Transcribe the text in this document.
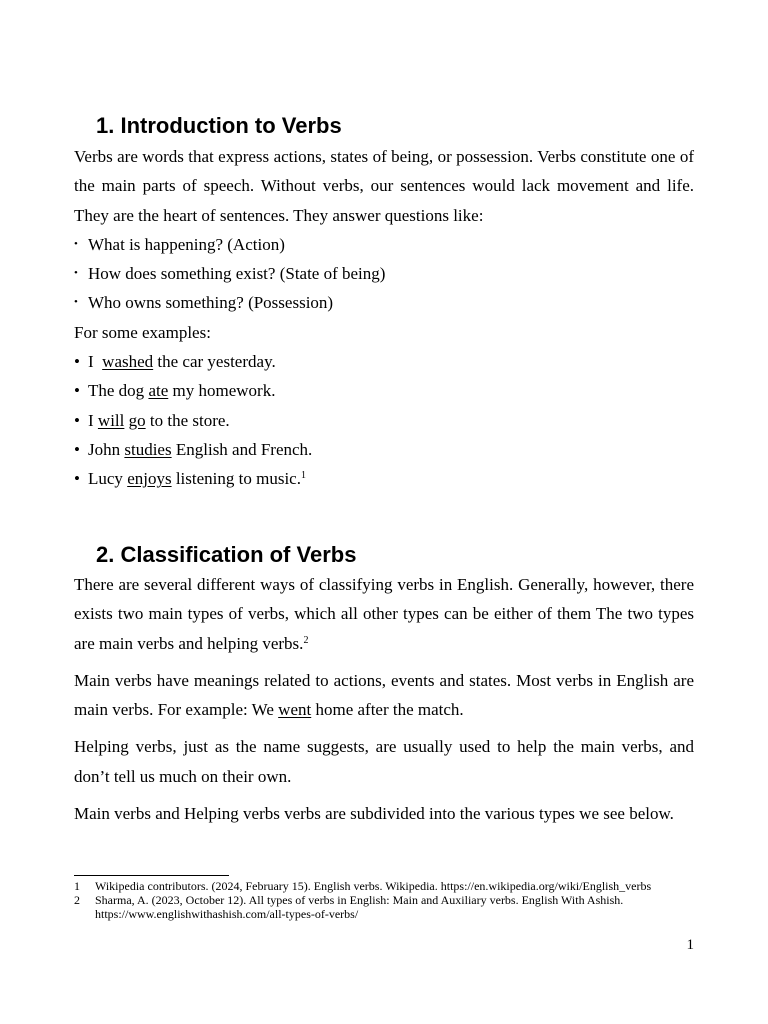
1. Introduction to Verbs

Verbs are words that express actions, states of being, or possession. Verbs constitute one of the main parts of speech. Without verbs, our sentences would lack movement and life. They are the heart of sentences. They answer questions like:

• What is happening? (Action)
• How does something exist? (State of being)
• Who owns something? (Possession)

For some examples:

• I  washed the car yesterday.
• The dog ate my homework.
• I will go to the store.
• John studies English and French.
• Lucy enjoys listening to music.$^1$
2. Classification of Verbs

There are several different ways of classifying verbs in English. Generally, however, there exists two main types of verbs, which all other types can be either of them The two types are main verbs and helping verbs.$^2$

Main verbs have meanings related to actions, events and states. Most verbs in English are main verbs. For example: We went home after the match.

Helping verbs, just as the name suggests, are usually used to help the main verbs, and don’t tell us much on their own.

Main verbs and Helping verbs verbs are subdivided into the various types we see below.

1	Wikipedia contributors. (2024, February 15). English verbs. Wikipedia. https://en.wikipedia.org/wiki/English_verbs
2	Sharma, A. (2023, October 12). All types of verbs in English: Main and Auxiliary verbs. English With Ashish. https://www.englishwithashish.com/all-types-of-verbs/
1
